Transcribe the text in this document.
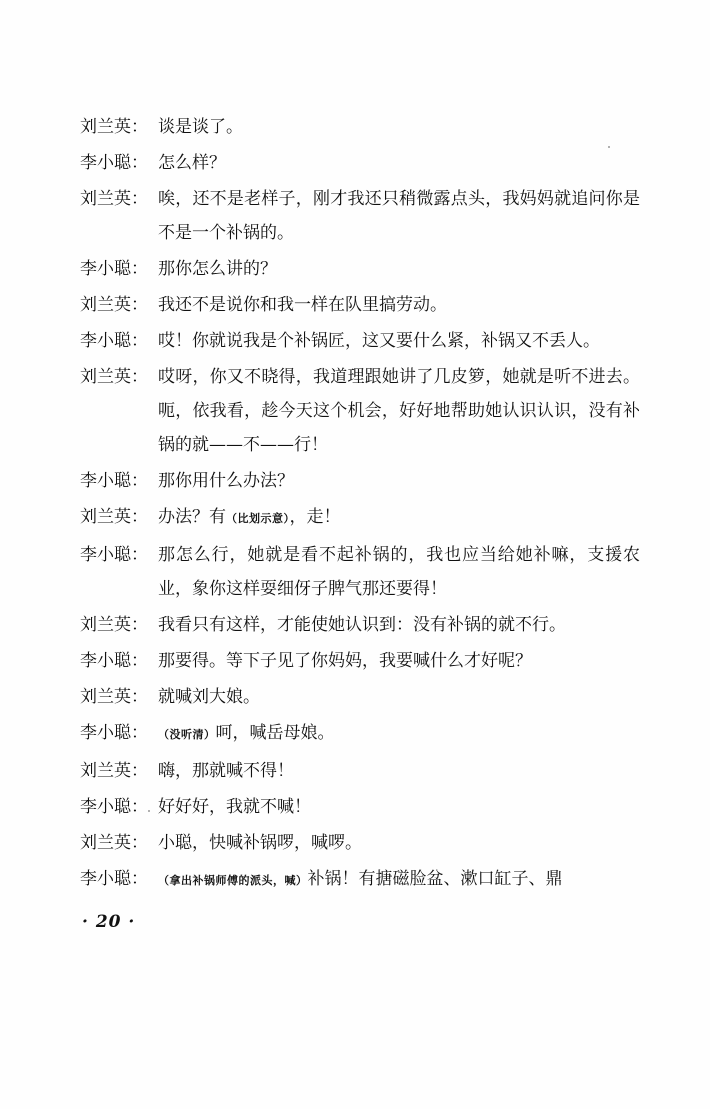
刘兰英： 谈是谈了。
李小聪： 怎么样？
刘兰英： 唉，还不是老样子，刚才我还只稍微露点头，我妈妈就追问你是不是一个补锅的。
李小聪： 那你怎么讲的？
刘兰英： 我还不是说你和我一样在队里搞劳动。
李小聪： 哎！你就说我是个补锅匠，这又要什么紧，补锅又不丢人。
刘兰英： 哎呀，你又不晓得，我道理跟她讲了几皮箩，她就是听不进去。呃，依我看，趁今天这个机会，好好地帮助她认识认识，没有补锅的就——不——行！
李小聪： 那你用什么办法？
刘兰英： 办法？有（比划示意），走！
李小聪： 那怎么行，她就是看不起补锅的，我也应当给她补嘛，支援农业，象你这样耍细伢子脾气那还要得！
刘兰英： 我看只有这样，才能使她认识到：没有补锅的就不行。
李小聪： 那要得。等下子见了你妈妈，我要喊什么才好呢？
刘兰英： 就喊刘大娘。
李小聪： （没听清）呵，喊岳母娘。
刘兰英： 嗨，那就喊不得！
李小聪： 好好好，我就不喊！
刘兰英： 小聪，快喊补锅啰，喊啰。
李小聪： （拿出补锅师傅的派头，喊）补锅！有搪磁脸盆、漱口缸子、鼎
· 20 ·
